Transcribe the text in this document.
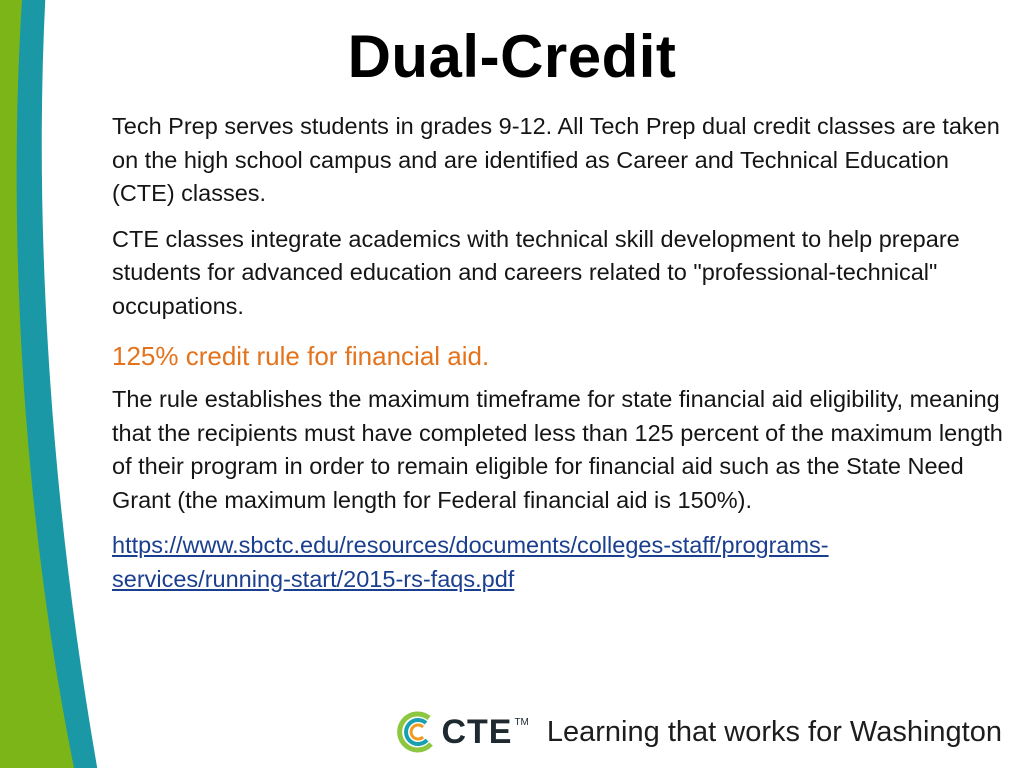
Dual-Credit

Tech Prep serves students in grades 9-12. All Tech Prep dual credit classes are taken on the high school campus and are identified as Career and Technical Education (CTE) classes.

CTE classes integrate academics with technical skill development to help prepare students for advanced education and careers related to "professional-technical" occupations.

125% credit rule for financial aid.

The rule establishes the maximum timeframe for state financial aid eligibility, meaning that the recipients must have completed less than 125 percent of the maximum length of their program in order to remain eligible for financial aid such as the State Need Grant (the maximum length for Federal financial aid is 150%).

https://www.sbctc.edu/resources/documents/colleges-staff/programs-services/running-start/2015-rs-faqs.pdf
CTE TM Learning that works for Washington
